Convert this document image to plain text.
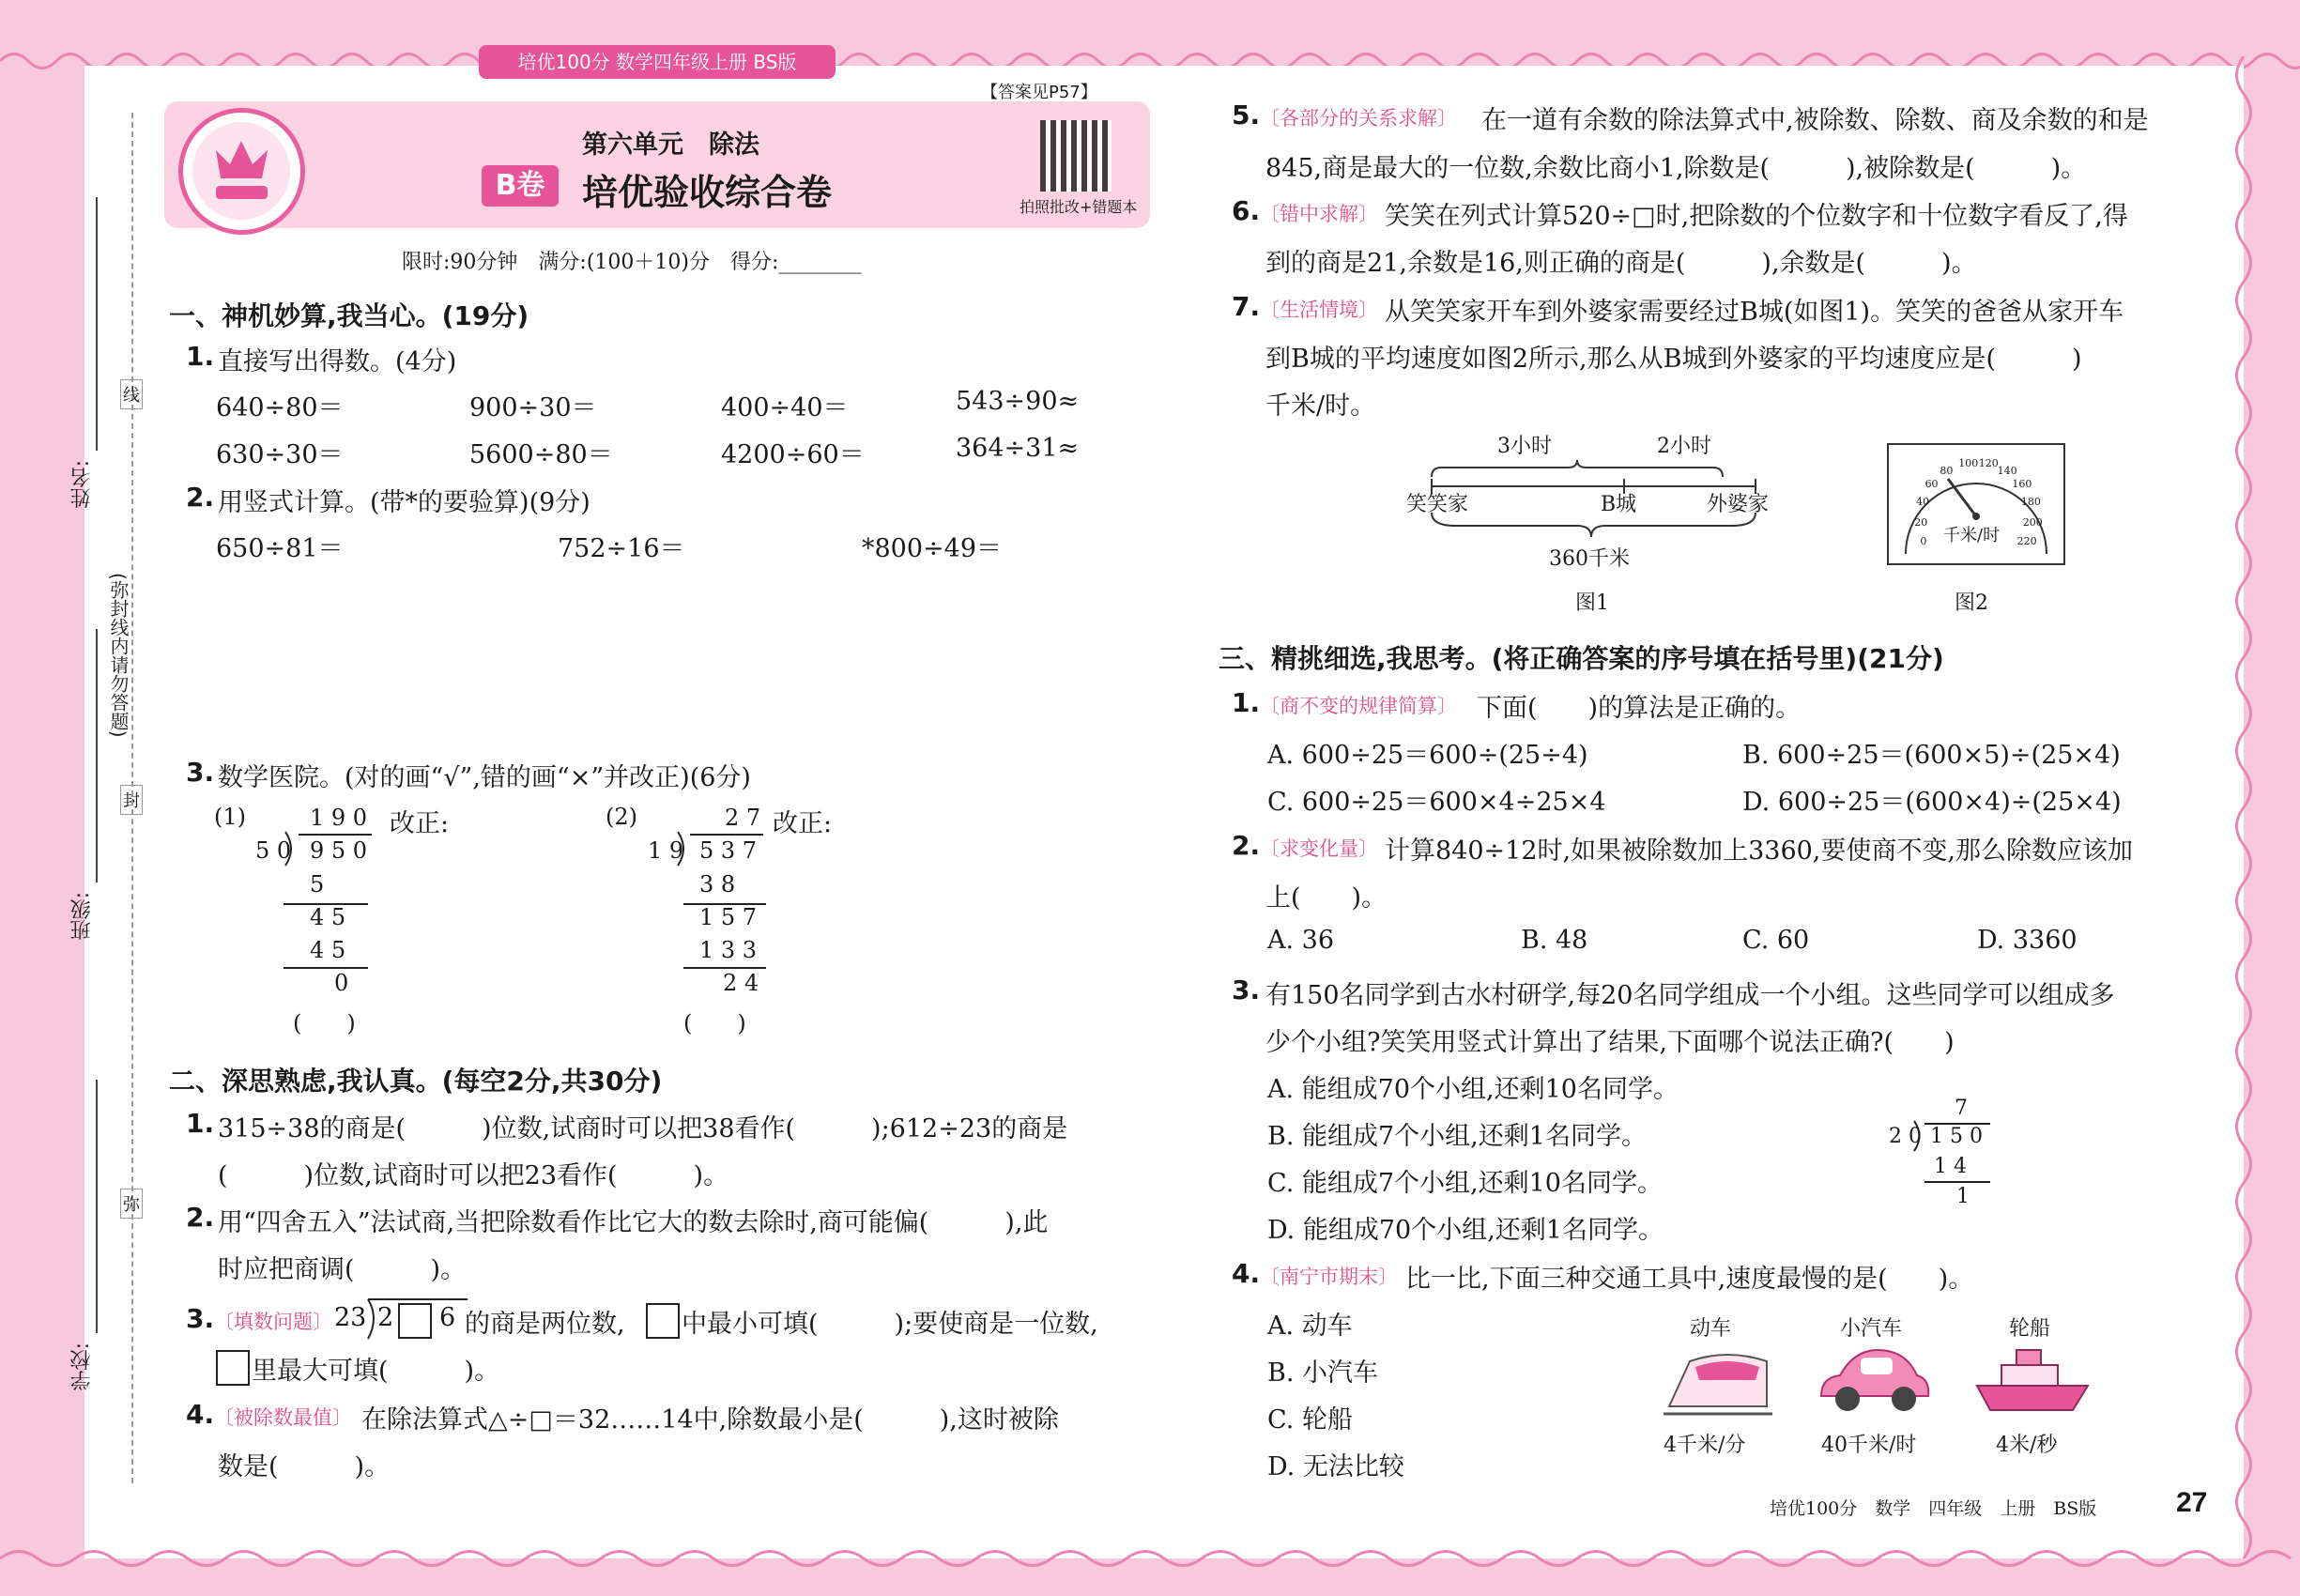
培优100分 数学四年级上册 BS版
姓名:
班级:
学校:
(弥封线内请勿答题)
线
封
弥
【答案见P57】
第六单元　除法
B卷	培优验收综合卷	拍照批改+错题本
限时:90分钟　满分:(100＋10)分　得分:________
一、神机妙算,我当心。(19分)
1. 直接写出得数。(4分)
640÷80＝	900÷30＝	400÷40＝	543÷90≈
630÷30＝	5600÷80＝	4200÷60＝	364÷31≈
2. 用竖式计算。(带*的要验算)(9分)
650÷81＝	752÷16＝	*800÷49＝
3. 数学医院。(对的画“√”,错的画“×”并改正)(6分)
(1)	1 9 0 改正:
5 0 9 5 0
5
4 5
4 5
0
(　　)
(2)	2 7 改正:
1 9 5 3 7
3 8
1 5 7
1 3 3
2 4
(　　)
二、深思熟虑,我认真。(每空2分,共30分)
1. 315÷38的商是(　　　)位数,试商时可以把38看作(　　　);612÷23的商是
(　　　)位数,试商时可以把23看作(　　　)。
2. 用“四舍五入”法试商,当把除数看作比它大的数去除时,商可能偏(　　　),此
时应把商调(　　　)。
3. 〔填数问题〕 23 2 6 的商是两位数, 中最小可填(　　　);要使商是一位数,
里最大可填(　　　)。
4. 〔被除数最值〕 在除法算式△÷□＝32……14中,除数最小是(　　　),这时被除
数是(　　　)。
5. 〔各部分的关系求解〕 在一道有余数的除法算式中,被除数、除数、商及余数的和是
845,商是最大的一位数,余数比商小1,除数是(　　　),被除数是(　　　)。
6. 〔错中求解〕 笑笑在列式计算520÷□时,把除数的个位数字和十位数字看反了,得
到的商是21,余数是16,则正确的商是(　　　),余数是(　　　)。
7. 〔生活情境〕 从笑笑家开车到外婆家需要经过B城(如图1)。笑笑的爸爸从家开车
到B城的平均速度如图2所示,那么从B城到外婆家的平均速度应是(　　　)
千米/时。
3小时	2小时
笑笑家	B城	外婆家
360千米
图1
0
20
40
60
80
100 120
140
160
180
200
220
千米/时
图2
三、精挑细选,我思考。(将正确答案的序号填在括号里)(21分)
1. 〔商不变的规律简算〕 下面(　　)的算法是正确的。
A. 600÷25＝600÷(25÷4)	B. 600÷25＝(600×5)÷(25×4)
C. 600÷25＝600×4÷25×4	D. 600÷25＝(600×4)÷(25×4)
2. 〔求变化量〕 计算840÷12时,如果被除数加上3360,要使商不变,那么除数应该加
上(　　)。
A. 36	B. 48	C. 60	D. 3360
3. 有150名同学到古水村研学,每20名同学组成一个小组。这些同学可以组成多
少个小组?笑笑用竖式计算出了结果,下面哪个说法正确?(　　)
A. 能组成70个小组,还剩10名同学。
B. 能组成7个小组,还剩1名同学。
C. 能组成7个小组,还剩10名同学。
D. 能组成70个小组,还剩1名同学。
7
2 0 1 5 0
1 4
1
4. 〔南宁市期末〕 比一比,下面三种交通工具中,速度最慢的是(　　)。
A. 动车
B. 小汽车
C. 轮船
D. 无法比较
动车	小汽车	轮船
4千米/分	40千米/时	4米/秒
培优100分　数学　四年级　上册　BS版	27
